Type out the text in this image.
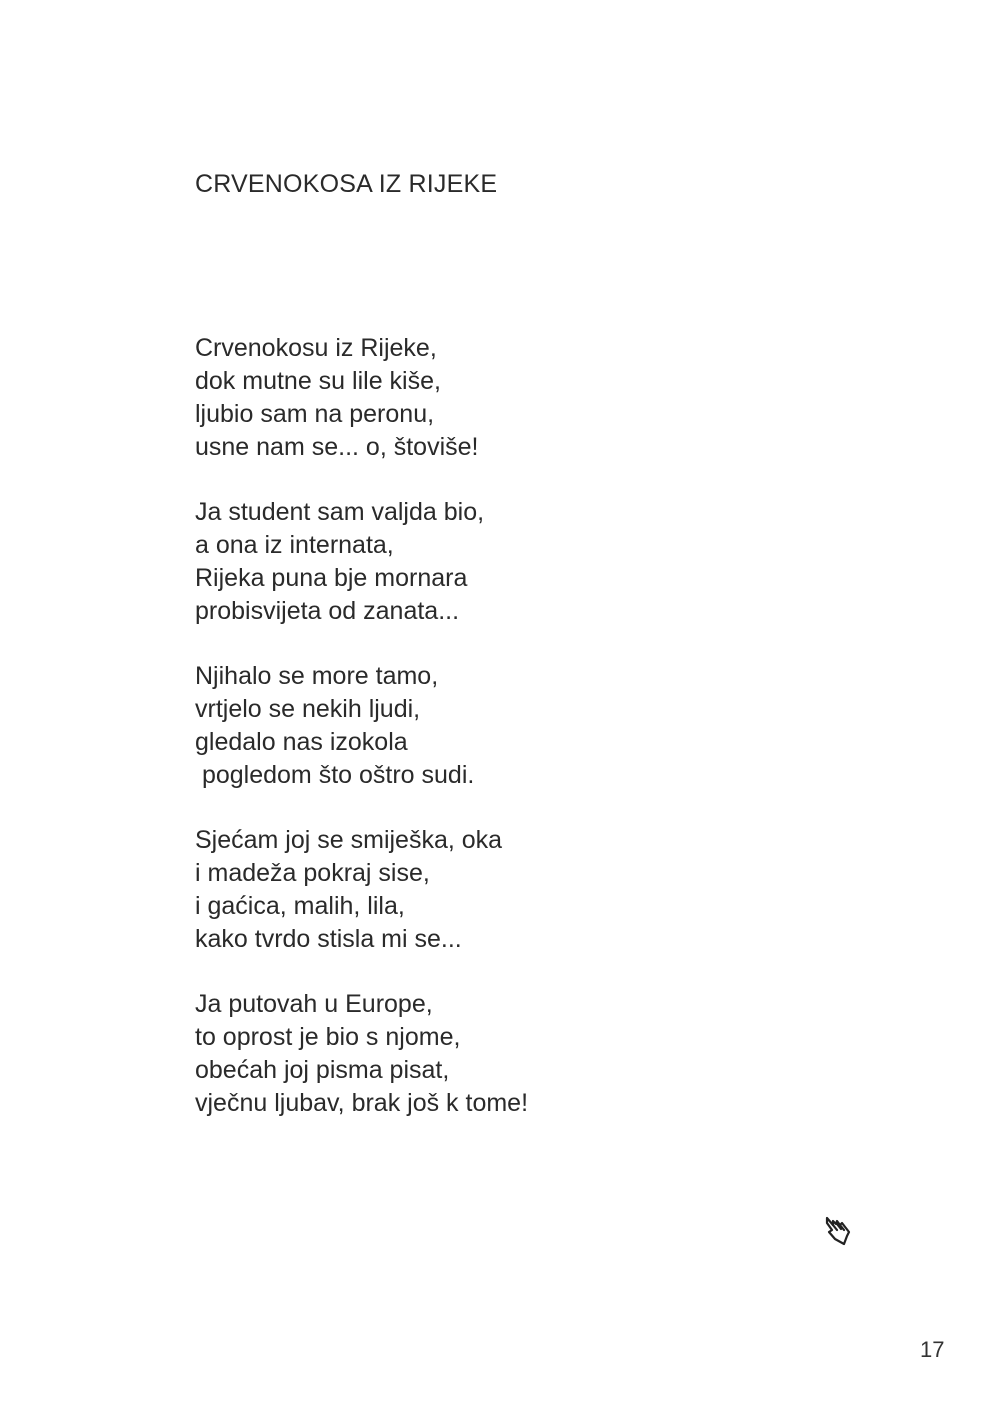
CRVENOKOSA IZ RIJEKE
Crvenokosu iz Rijeke,
dok mutne su lile kiše,
ljubio sam na peronu,
usne nam se... o, štoviše!
Ja student sam valjda bio,
a ona iz internata,
Rijeka puna bje mornara
probisvijeta od zanata...
Njihalo se more tamo,
vrtjelo se nekih ljudi,
gledalo nas izokola
pogledom što oštro sudi.
Sjećam joj se smiješka, oka
i madeža pokraj sise,
i gaćica, malih, lila,
kako tvrdo stisla mi se...
Ja putovah u Europe,
to oprost je bio s njome,
obećah joj pisma pisat,
vječnu ljubav, brak još k tome!
17
